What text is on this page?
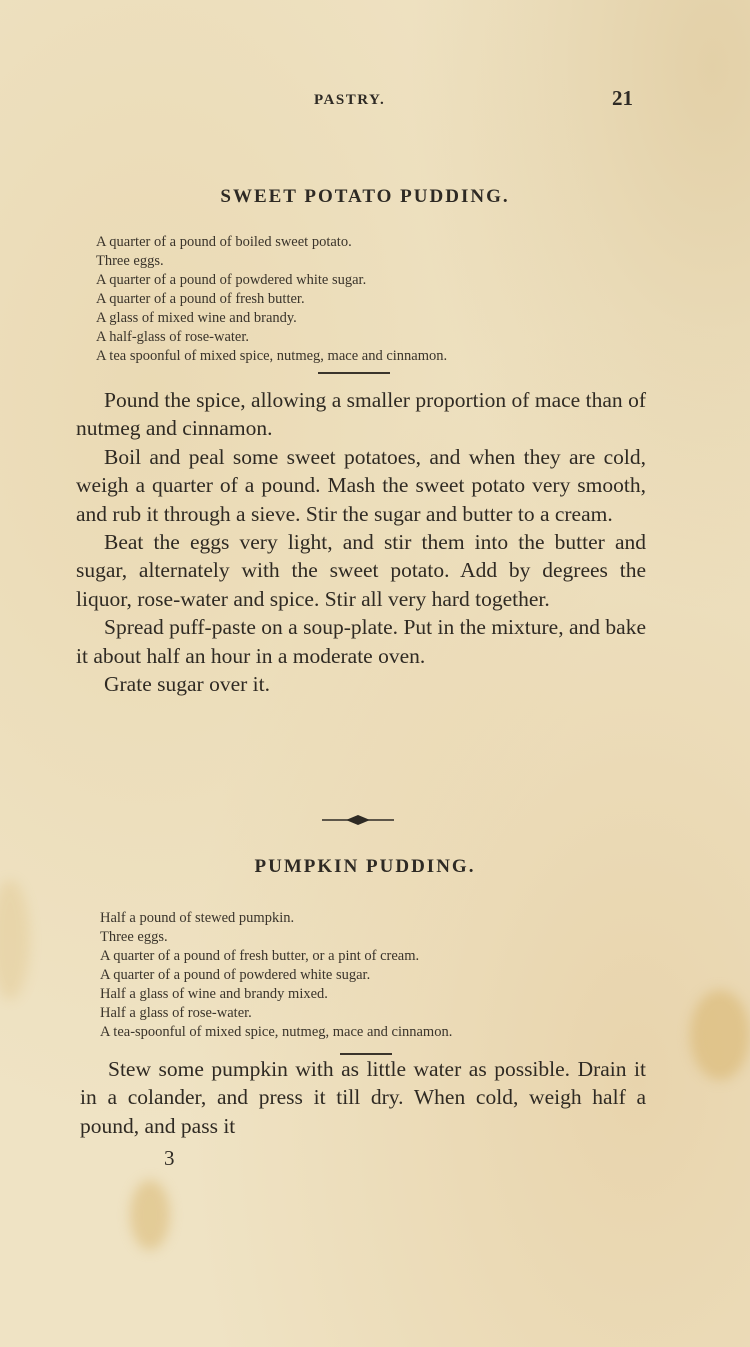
PASTRY.	21
SWEET POTATO PUDDING.
A quarter of a pound of boiled sweet potato.
Three eggs.
A quarter of a pound of powdered white sugar.
A quarter of a pound of fresh butter.
A glass of mixed wine and brandy.
A half-glass of rose-water.
A tea spoonful of mixed spice, nutmeg, mace and cinnamon.

Pound the spice, allowing a smaller proportion of mace than of nutmeg and cinnamon.

Boil and peal some sweet potatoes, and when they are cold, weigh a quarter of a pound. Mash the sweet potato very smooth, and rub it through a sieve. Stir the sugar and butter to a cream.

Beat the eggs very light, and stir them into the butter and sugar, alternately with the sweet potato. Add by degrees the liquor, rose-water and spice. Stir all very hard together.

Spread puff-paste on a soup-plate. Put in the mixture, and bake it about half an hour in a moderate oven.

Grate sugar over it.

PUMPKIN PUDDING.
Half a pound of stewed pumpkin.
Three eggs.
A quarter of a pound of fresh butter, or a pint of cream.
A quarter of a pound of powdered white sugar.
Half a glass of wine and brandy mixed.
Half a glass of rose-water.
A tea-spoonful of mixed spice, nutmeg, mace and cinnamon.

Stew some pumpkin with as little water as possible. Drain it in a colander, and press it till dry. When cold, weigh half a pound, and pass it

3
